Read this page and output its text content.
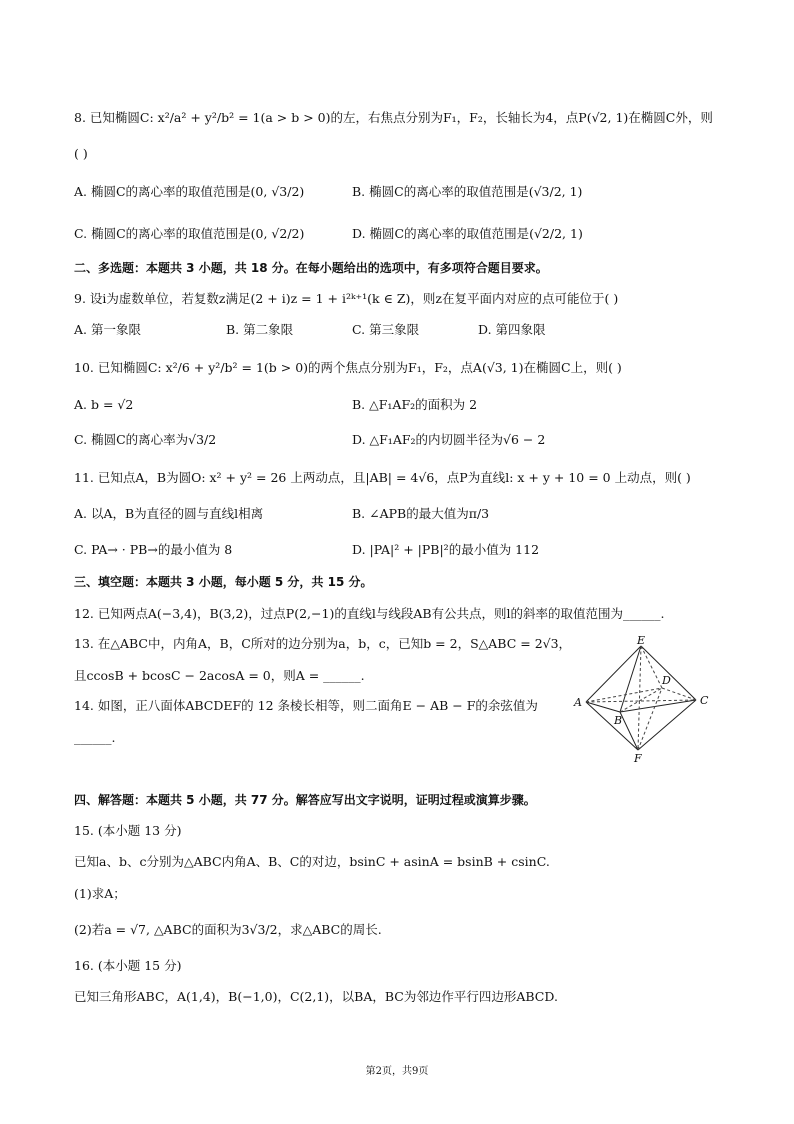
8. 已知椭圆C: x²/a² + y²/b² = 1(a > b > 0)的左，右焦点分别为F₁，F₂，长轴长为4，点P(√2, 1)在椭圆C外，则
( )
A. 椭圆C的离心率的取值范围是(0, √3/2)	B. 椭圆C的离心率的取值范围是(√3/2, 1)
C. 椭圆C的离心率的取值范围是(0, √2/2)	D. 椭圆C的离心率的取值范围是(√2/2, 1)
二、多选题：本题共 3 小题，共 18 分。在每小题给出的选项中，有多项符合题目要求。
9. 设i为虚数单位，若复数z满足(2 + i)z = 1 + i²ᵏ⁺¹(k ∈ Z)，则z在复平面内对应的点可能位于( )
A. 第一象限	B. 第二象限	C. 第三象限	D. 第四象限
10. 已知椭圆C: x²/6 + y²/b² = 1(b > 0)的两个焦点分别为F₁，F₂，点A(√3, 1)在椭圆C上，则( )
A. b = √2	B. △F₁AF₂的面积为 2
C. 椭圆C的离心率为√3/2	D. △F₁AF₂的内切圆半径为√6 − 2
11. 已知点A，B为圆O: x² + y² = 26 上两动点，且|AB| = 4√6，点P为直线l: x + y + 10 = 0 上动点，则( )
A. 以A，B为直径的圆与直线l相离	B. ∠APB的最大值为π/3
C. PA→ · PB→的最小值为 8	D. |PA|² + |PB|²的最小值为 112
三、填空题：本题共 3 小题，每小题 5 分，共 15 分。
12. 已知两点A(−3,4)，B(3,2)，过点P(2,−1)的直线l与线段AB有公共点，则l的斜率的取值范围为______.
13. 在△ABC中，内角A，B，C所对的边分别为a，b，c，已知b = 2，S△ABC = 2√3，
且ccosB + bcosC − 2acosA = 0，则A = ______.
14. 如图，正八面体ABCDEF的 12 条棱长相等，则二面角E − AB − F的余弦值为
______.
E
A
D
B
C
F
四、解答题：本题共 5 小题，共 77 分。解答应写出文字说明，证明过程或演算步骤。
15. (本小题 13 分)
已知a、b、c分别为△ABC内角A、B、C的对边，bsinC + asinA = bsinB + csinC.
(1)求A；
(2)若a = √7, △ABC的面积为3√3/2，求△ABC的周长.
16. (本小题 15 分)
已知三角形ABC，A(1,4)，B(−1,0)，C(2,1)，以BA，BC为邻边作平行四边形ABCD.
第2页，共9页
